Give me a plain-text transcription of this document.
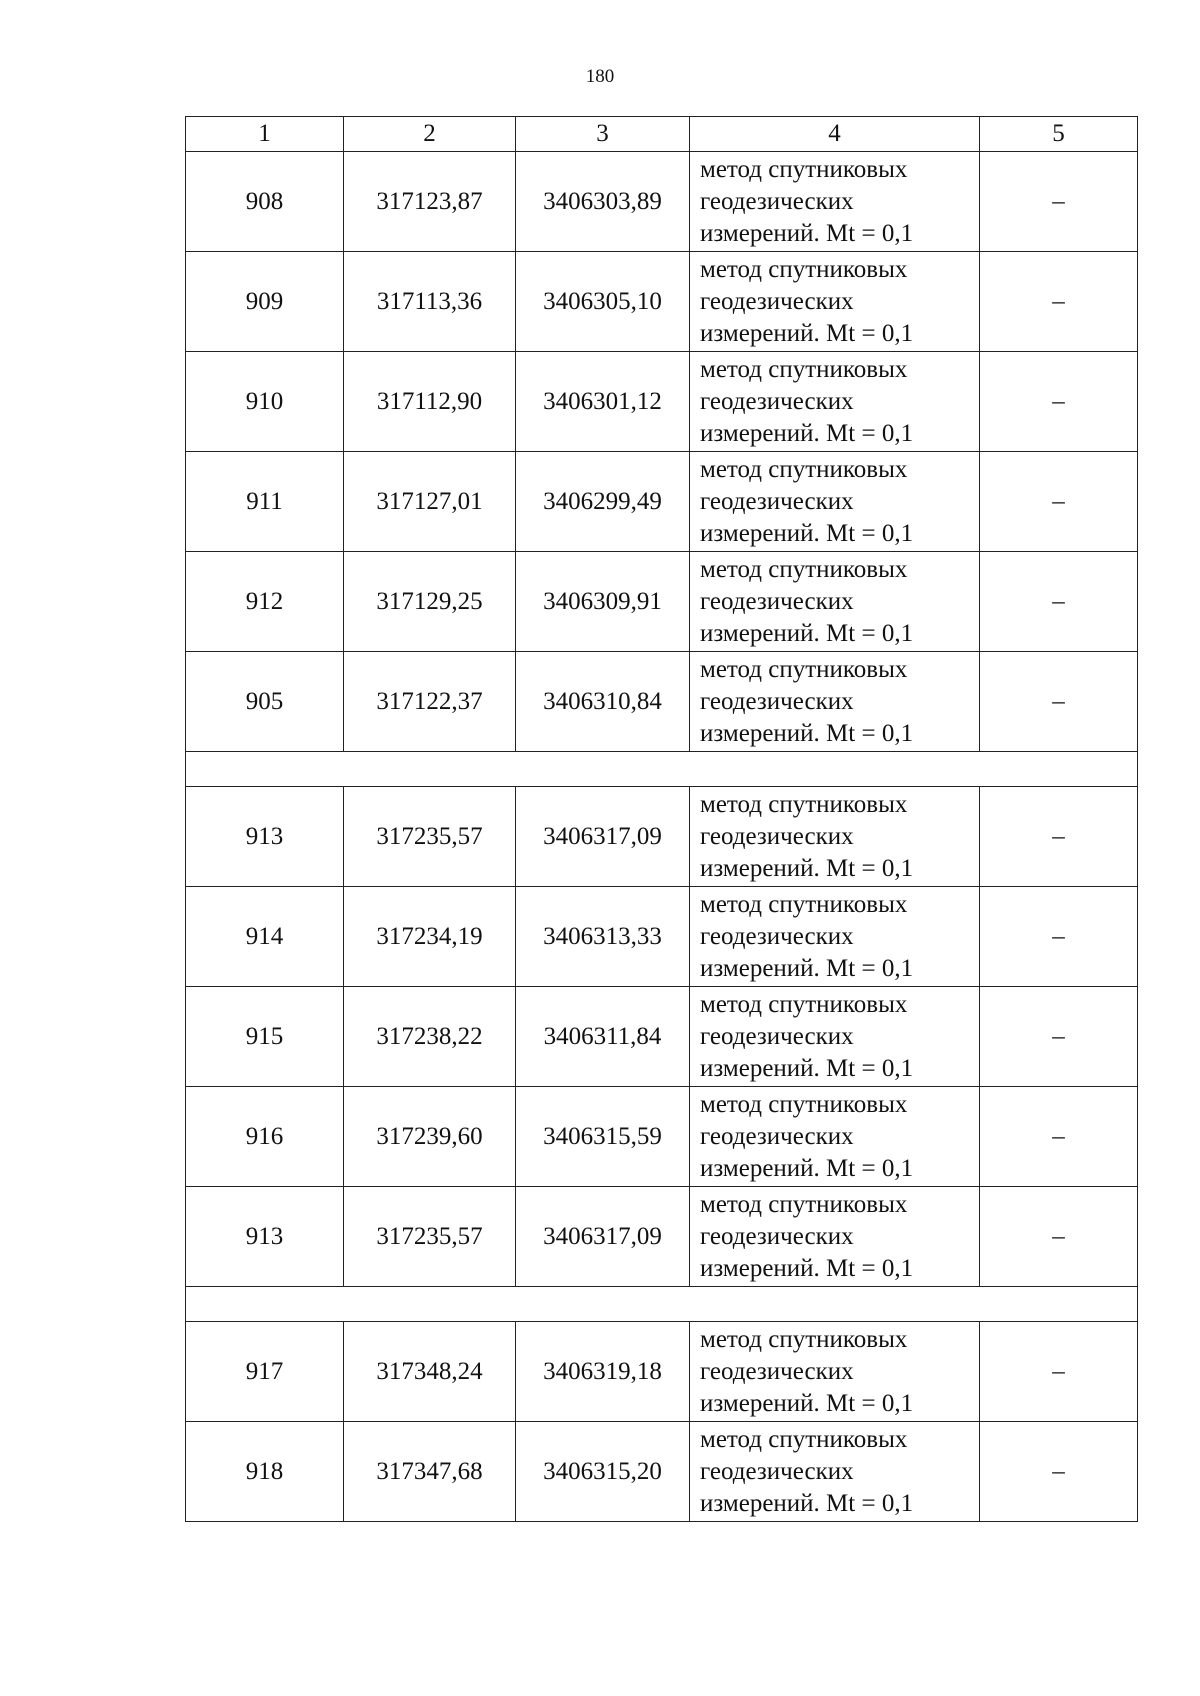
180
1	2	3	4	5
908	317123,87	3406303,89	метод спутниковых
геодезических
измерений. Mt = 0,1	–
909	317113,36	3406305,10	метод спутниковых
геодезических
измерений. Mt = 0,1	–
910	317112,90	3406301,12	метод спутниковых
геодезических
измерений. Mt = 0,1	–
911	317127,01	3406299,49	метод спутниковых
геодезических
измерений. Mt = 0,1	–
912	317129,25	3406309,91	метод спутниковых
геодезических
измерений. Mt = 0,1	–
905	317122,37	3406310,84	метод спутниковых
геодезических
измерений. Mt = 0,1	–

913	317235,57	3406317,09	метод спутниковых
геодезических
измерений. Mt = 0,1	–
914	317234,19	3406313,33	метод спутниковых
геодезических
измерений. Mt = 0,1	–
915	317238,22	3406311,84	метод спутниковых
геодезических
измерений. Mt = 0,1	–
916	317239,60	3406315,59	метод спутниковых
геодезических
измерений. Mt = 0,1	–
913	317235,57	3406317,09	метод спутниковых
геодезических
измерений. Mt = 0,1	–

917	317348,24	3406319,18	метод спутниковых
геодезических
измерений. Mt = 0,1	–
918	317347,68	3406315,20	метод спутниковых
геодезических
измерений. Mt = 0,1	–
